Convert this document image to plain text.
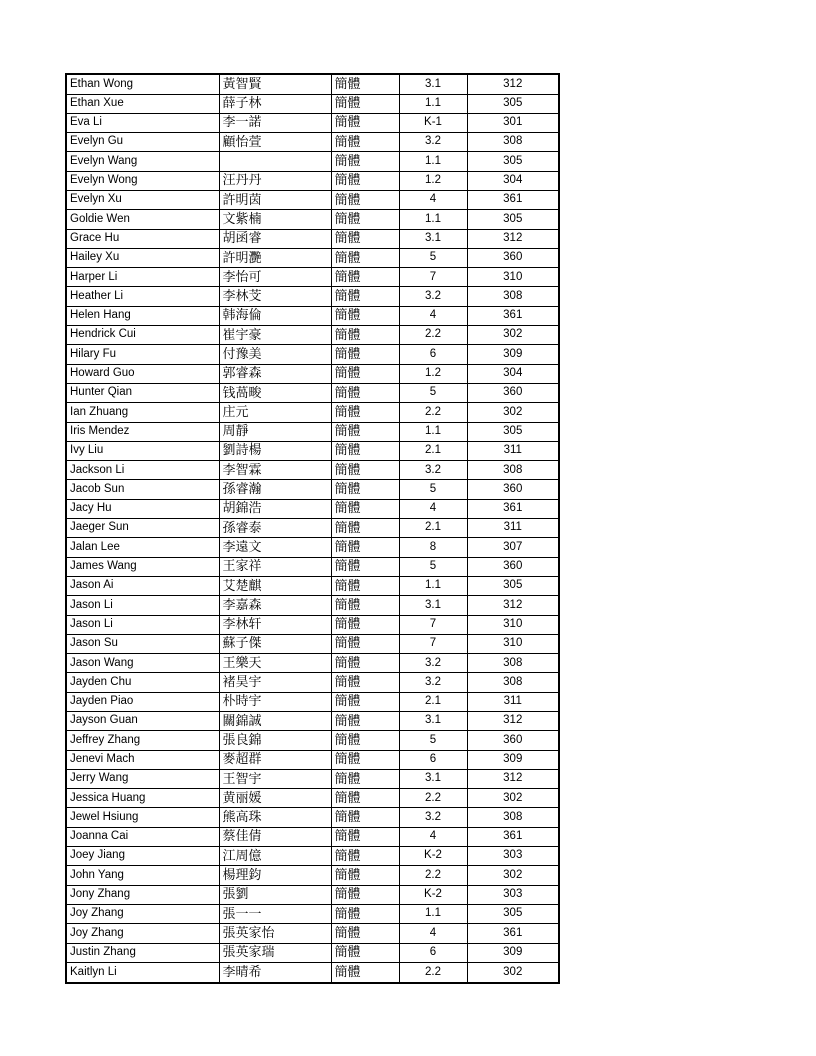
Ethan Wong	黃智賢	簡體	3.1	312
Ethan Xue	薛子林	簡體	1.1	305
Eva Li	李一諾	簡體	K-1	301
Evelyn Gu	顧怡萱	簡體	3.2	308
Evelyn Wang		簡體	1.1	305
Evelyn Wong	汪丹丹	簡體	1.2	304
Evelyn Xu	許明茵	簡體	4	361
Goldie Wen	文紫楠	簡體	1.1	305
Grace Hu	胡函睿	簡體	3.1	312
Hailey Xu	許明灧	簡體	5	360
Harper Li	李怡可	簡體	7	310
Heather Li	李林芠	簡體	3.2	308
Helen Hang	韩海倫	簡體	4	361
Hendrick Cui	崔宇豪	簡體	2.2	302
Hilary Fu	付豫美	簡體	6	309
Howard Guo	郭睿森	簡體	1.2	304
Hunter Qian	钱萵畯	簡體	5	360
Ian Zhuang	庄元	簡體	2.2	302
Iris Mendez	周靜	簡體	1.1	305
Ivy Liu	劉詩楊	簡體	2.1	311
Jackson Li	李智霖	簡體	3.2	308
Jacob Sun	孫睿瀚	簡體	5	360
Jacy Hu	胡錦浩	簡體	4	361
Jaeger Sun	孫睿泰	簡體	2.1	311
Jalan Lee	李遠文	簡體	8	307
James Wang	王家祥	簡體	5	360
Jason Ai	艾楚麒	簡體	1.1	305
Jason Li	李嘉森	簡體	3.1	312
Jason Li	李林轩	簡體	7	310
Jason Su	蘇子傑	簡體	7	310
Jason Wang	王樂天	簡體	3.2	308
Jayden Chu	褚昊宇	簡體	3.2	308
Jayden Piao	朴時宇	簡體	2.1	311
Jayson Guan	關錦誠	簡體	3.1	312
Jeffrey Zhang	張良錦	簡體	5	360
Jenevi Mach	麥超群	簡體	6	309
Jerry Wang	王智宇	簡體	3.1	312
Jessica Huang	黄丽媛	簡體	2.2	302
Jewel Hsiung	熊高珠	簡體	3.2	308
Joanna Cai	蔡佳倩	簡體	4	361
Joey Jiang	江周億	簡體	K-2	303
John Yang	楊理鈞	簡體	2.2	302
Jony Zhang	張劉	簡體	K-2	303
Joy Zhang	張一一	簡體	1.1	305
Joy Zhang	張英家怡	簡體	4	361
Justin Zhang	張英家瑞	簡體	6	309
Kaitlyn Li	李晴希	簡體	2.2	302
